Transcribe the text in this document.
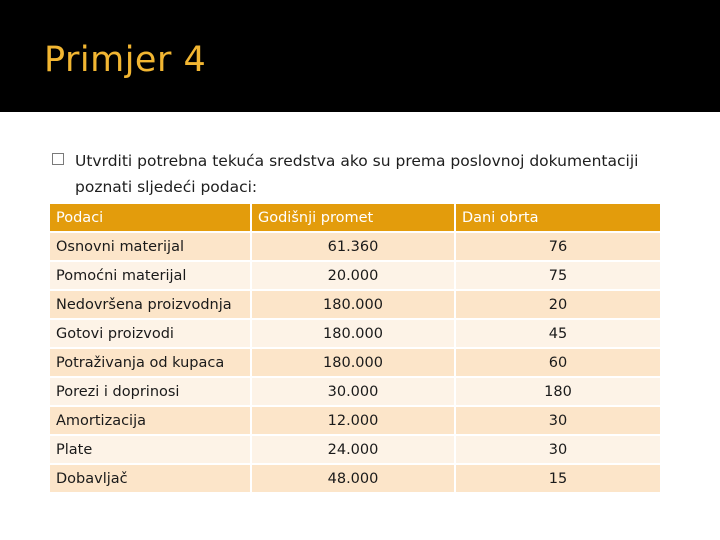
Primjer 4
Utvrditi potrebna tekuća sredstva ako su prema poslovnoj dokumentaciji poznati sljedeći podaci:
Podaci	Godišnji promet	Dani obrta
Osnovni materijal	61.360	76
Pomoćni materijal	20.000	75
Nedovršena proizvodnja	180.000	20
Gotovi proizvodi	180.000	45
Potraživanja od kupaca	180.000	60
Porezi i doprinosi	30.000	180
Amortizacija	12.000	30
Plate	24.000	30
Dobavljač	48.000	15
